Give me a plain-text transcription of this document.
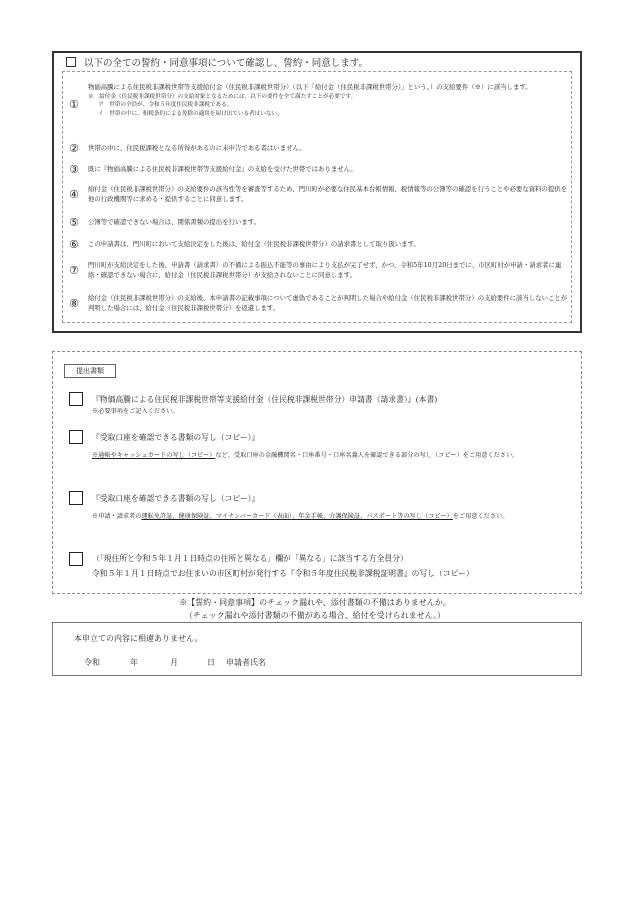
以下の全ての誓約・同意事項について確認し、誓約・同意します。
①
物価高騰による住民税非課税世帯等支援給付金（住民税非課税世帯分）（以下「給付金（住民税非課税世帯分）」という。）の支給要件（※）に該当します。
※　給付金（住民税非課税世帯分）の支給対象となるためには、以下の要件を全て満たすことが必要です。
ア　世帯の全員が、令和５年度住民税非課税である。
イ　世帯の中に、租税条約による免除の適用を届け出ている者はいない。
②	世帯の中に、住民税課税となる所得があるのに未申告である者はいません。
③	既に『物価高騰による住民税非課税世帯等支援給付金』の支給を受けた世帯ではありません。
④	給付金（住民税非課税世帯分）の支給要件の該当性等を審査等するため、門川町が必要な住民基本台帳情報、税情報等の公簿等の確認を行うことや必要な資料の提供を他の行政機関等に求める・提供することに同意します。
⑤	公簿等で確認できない場合は、関係書類の提出を行います。
⑥	この申請書は、門川町において支給決定をした後は、給付金（住民税非課税世帯分）の請求書として取り扱います。
⑦	門川町が支給決定をした後、申請書（請求書）の不備による振込不能等の事由により支払が完了せず、かつ、令和5年10月20日までに、市区町村が申請・請求者に連絡・確認できない場合に、給付金（住民税非課税世帯分）が支給されないことに同意します。
⑧	給付金（住民税非課税世帯分）の支給後、本申請書の記載事項について虚偽であることが判明した場合や給付金（住民税非課税世帯分）の支給要件に該当しないことが判明した場合には、給付金（住民税非課税世帯分）を返還します。
提出書類
『物価高騰による住民税非課税世帯等支援給付金（住民税非課税世帯分）申請書（請求書）』(本書)
※必要事項をご記入ください。
『受取口座を確認できる書類の写し（コピー）』
※通帳やキャッシュカードの写し（コピー）など、受取口座の金融機関名・口座番号・口座名義人を確認できる部分の写し（コピー）をご用意ください。
『受取口座を確認できる書類の写し（コピー）』
※申請・請求者の運転免許証、健康保険証、マイナンバーカード（表面）、年金手帳、介護保険証、パスポート等の写し（コピー）をご用意ください。
（「現住所と令和５年１月１日時点の住所と異なる」欄が「異なる」に該当する方全員分）
令和５年１月１日時点でお住まいの市区町村が発行する『令和５年度住民税非課税証明書』の写し（コピー）
※【誓約・同意事項】のチェック漏れや、添付書類の不備はありませんか。
（チェック漏れや添付書類の不備がある場合、給付を受けられません。）
本申立ての内容に相違ありません。
令和	年	月	日 申請者氏名
